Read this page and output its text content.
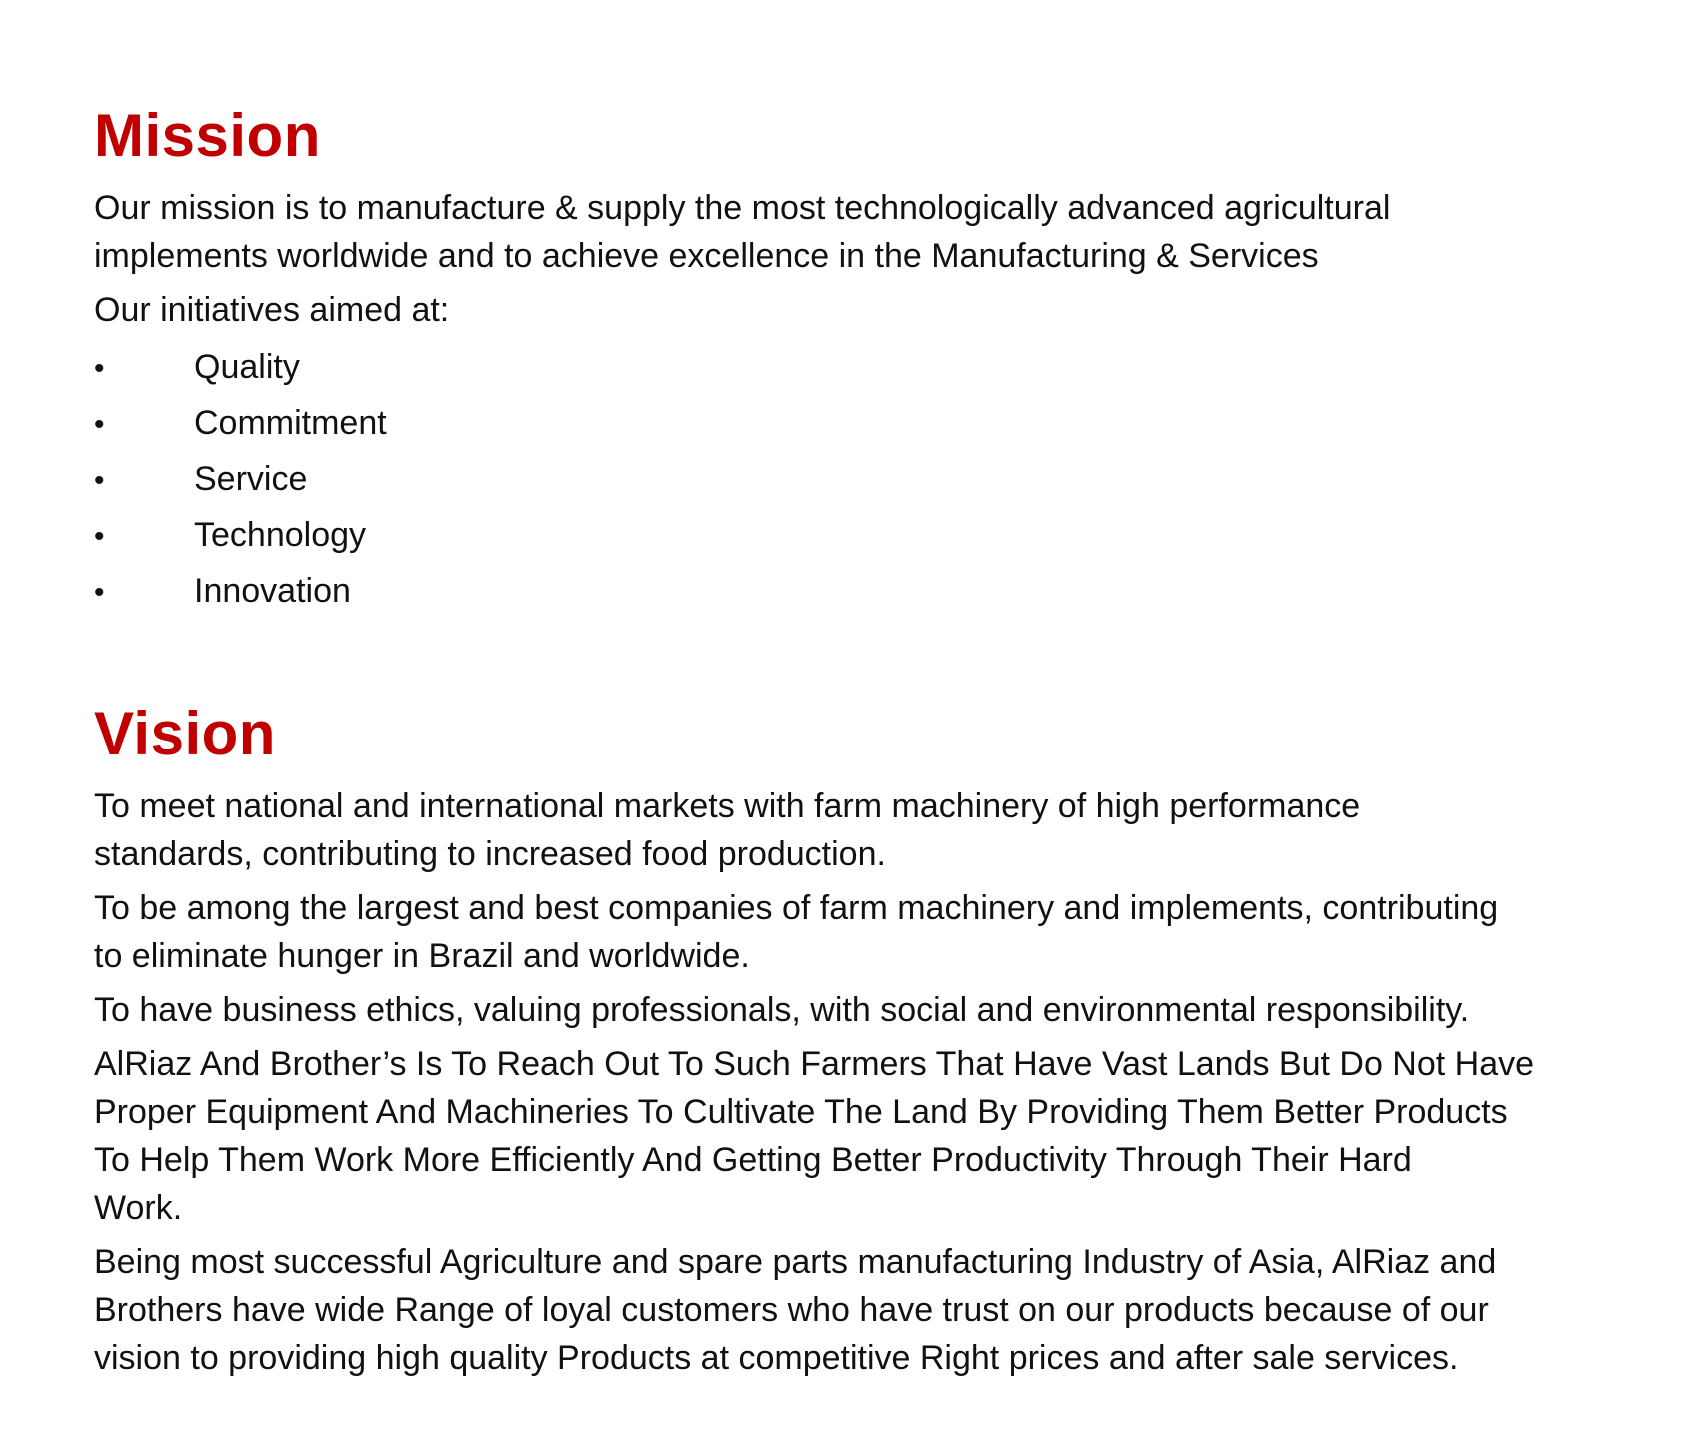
Mission

Our mission is to manufacture & supply the most technologically advanced agricultural
implements worldwide and to achieve excellence in the Manufacturing & Services

Our initiatives aimed at:

•	Quality
•	Commitment
•	Service
•	Technology
•	Innovation
Vision

To meet national and international markets with farm machinery of high performance
standards, contributing to increased food production.

To be among the largest and best companies of farm machinery and implements, contributing
to eliminate hunger in Brazil and worldwide.

To have business ethics, valuing professionals, with social and environmental responsibility.

AlRiaz And Brother’s Is To Reach Out To Such Farmers That Have Vast Lands But Do Not Have
Proper Equipment And Machineries To Cultivate The Land By Providing Them Better Products
To Help Them Work More Efficiently And Getting Better Productivity Through Their Hard
Work.

Being most successful Agriculture and spare parts manufacturing Industry of Asia, AlRiaz and
Brothers have wide Range of loyal customers who have trust on our products because of our
vision to providing high quality Products at competitive Right prices and after sale services.
